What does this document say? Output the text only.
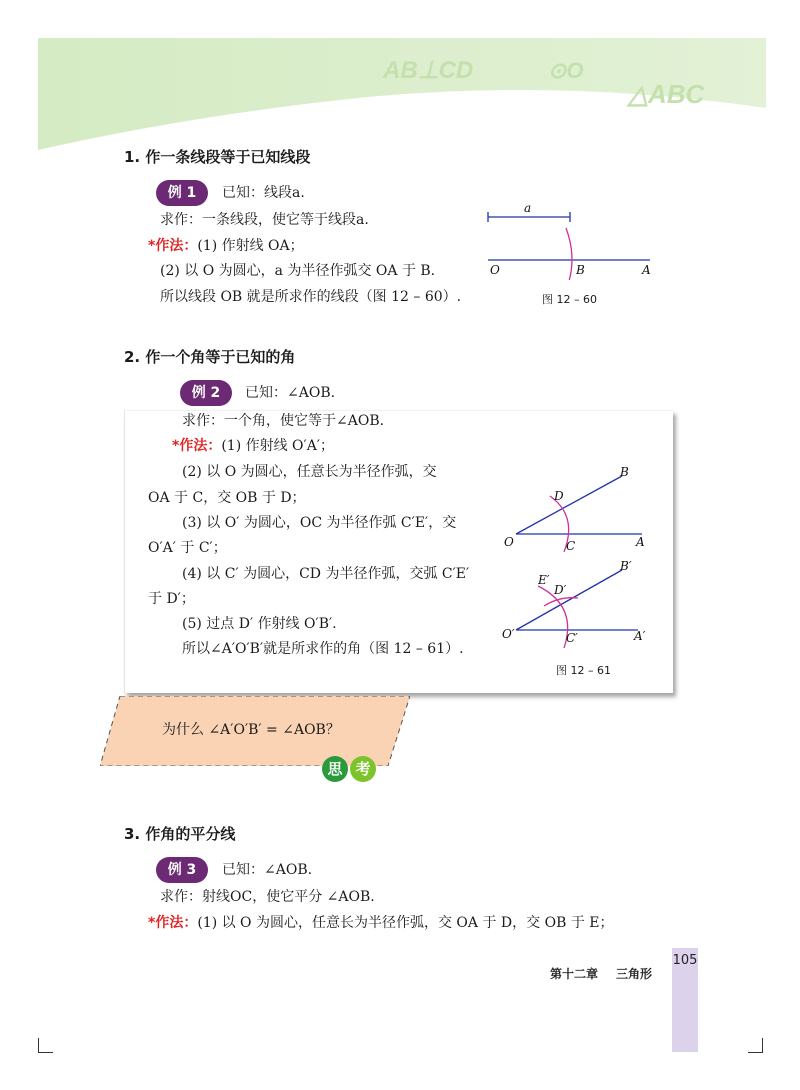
AB⊥CD	⊙O
△ABC
1. 作一条线段等于已知线段
例 1	已知：线段a.
求作：一条线段，使它等于线段a.
*作法：(1) 作射线 OA；
(2) 以 O 为圆心，a 为半径作弧交 OA 于 B.
所以线段 OB 就是所求作的线段（图 12 – 60）.
a
O	B	A
图 12 – 60
2. 作一个角等于已知的角
例 2	已知：∠AOB.
求作：一个角，使它等于∠AOB.
*作法：(1) 作射线 O′A′；
(2) 以 O 为圆心，任意长为半径作弧，交
OA 于 C，交 OB 于 D；
(3) 以 O′ 为圆心，OC 为半径作弧 C′E′，交
O′A′ 于 C′；
(4) 以 C′ 为圆心，CD 为半径作弧，交弧 C′E′
于 D′；
(5) 过点 D′ 作射线 O′B′.
所以∠A′O′B′就是所求作的角（图 12 – 61）.
O	A
B
C
D
O′	A′
B′
C′
D′
E′
图 12 – 61
为什么 ∠A′O′B′ = ∠AOB？
思 考
3. 作角的平分线
例 3	已知：∠AOB.
求作：射线OC，使它平分 ∠AOB.
*作法：(1) 以 O 为圆心，任意长为半径作弧，交 OA 于 D，交 OB 于 E；
105
第十二章 三角形
